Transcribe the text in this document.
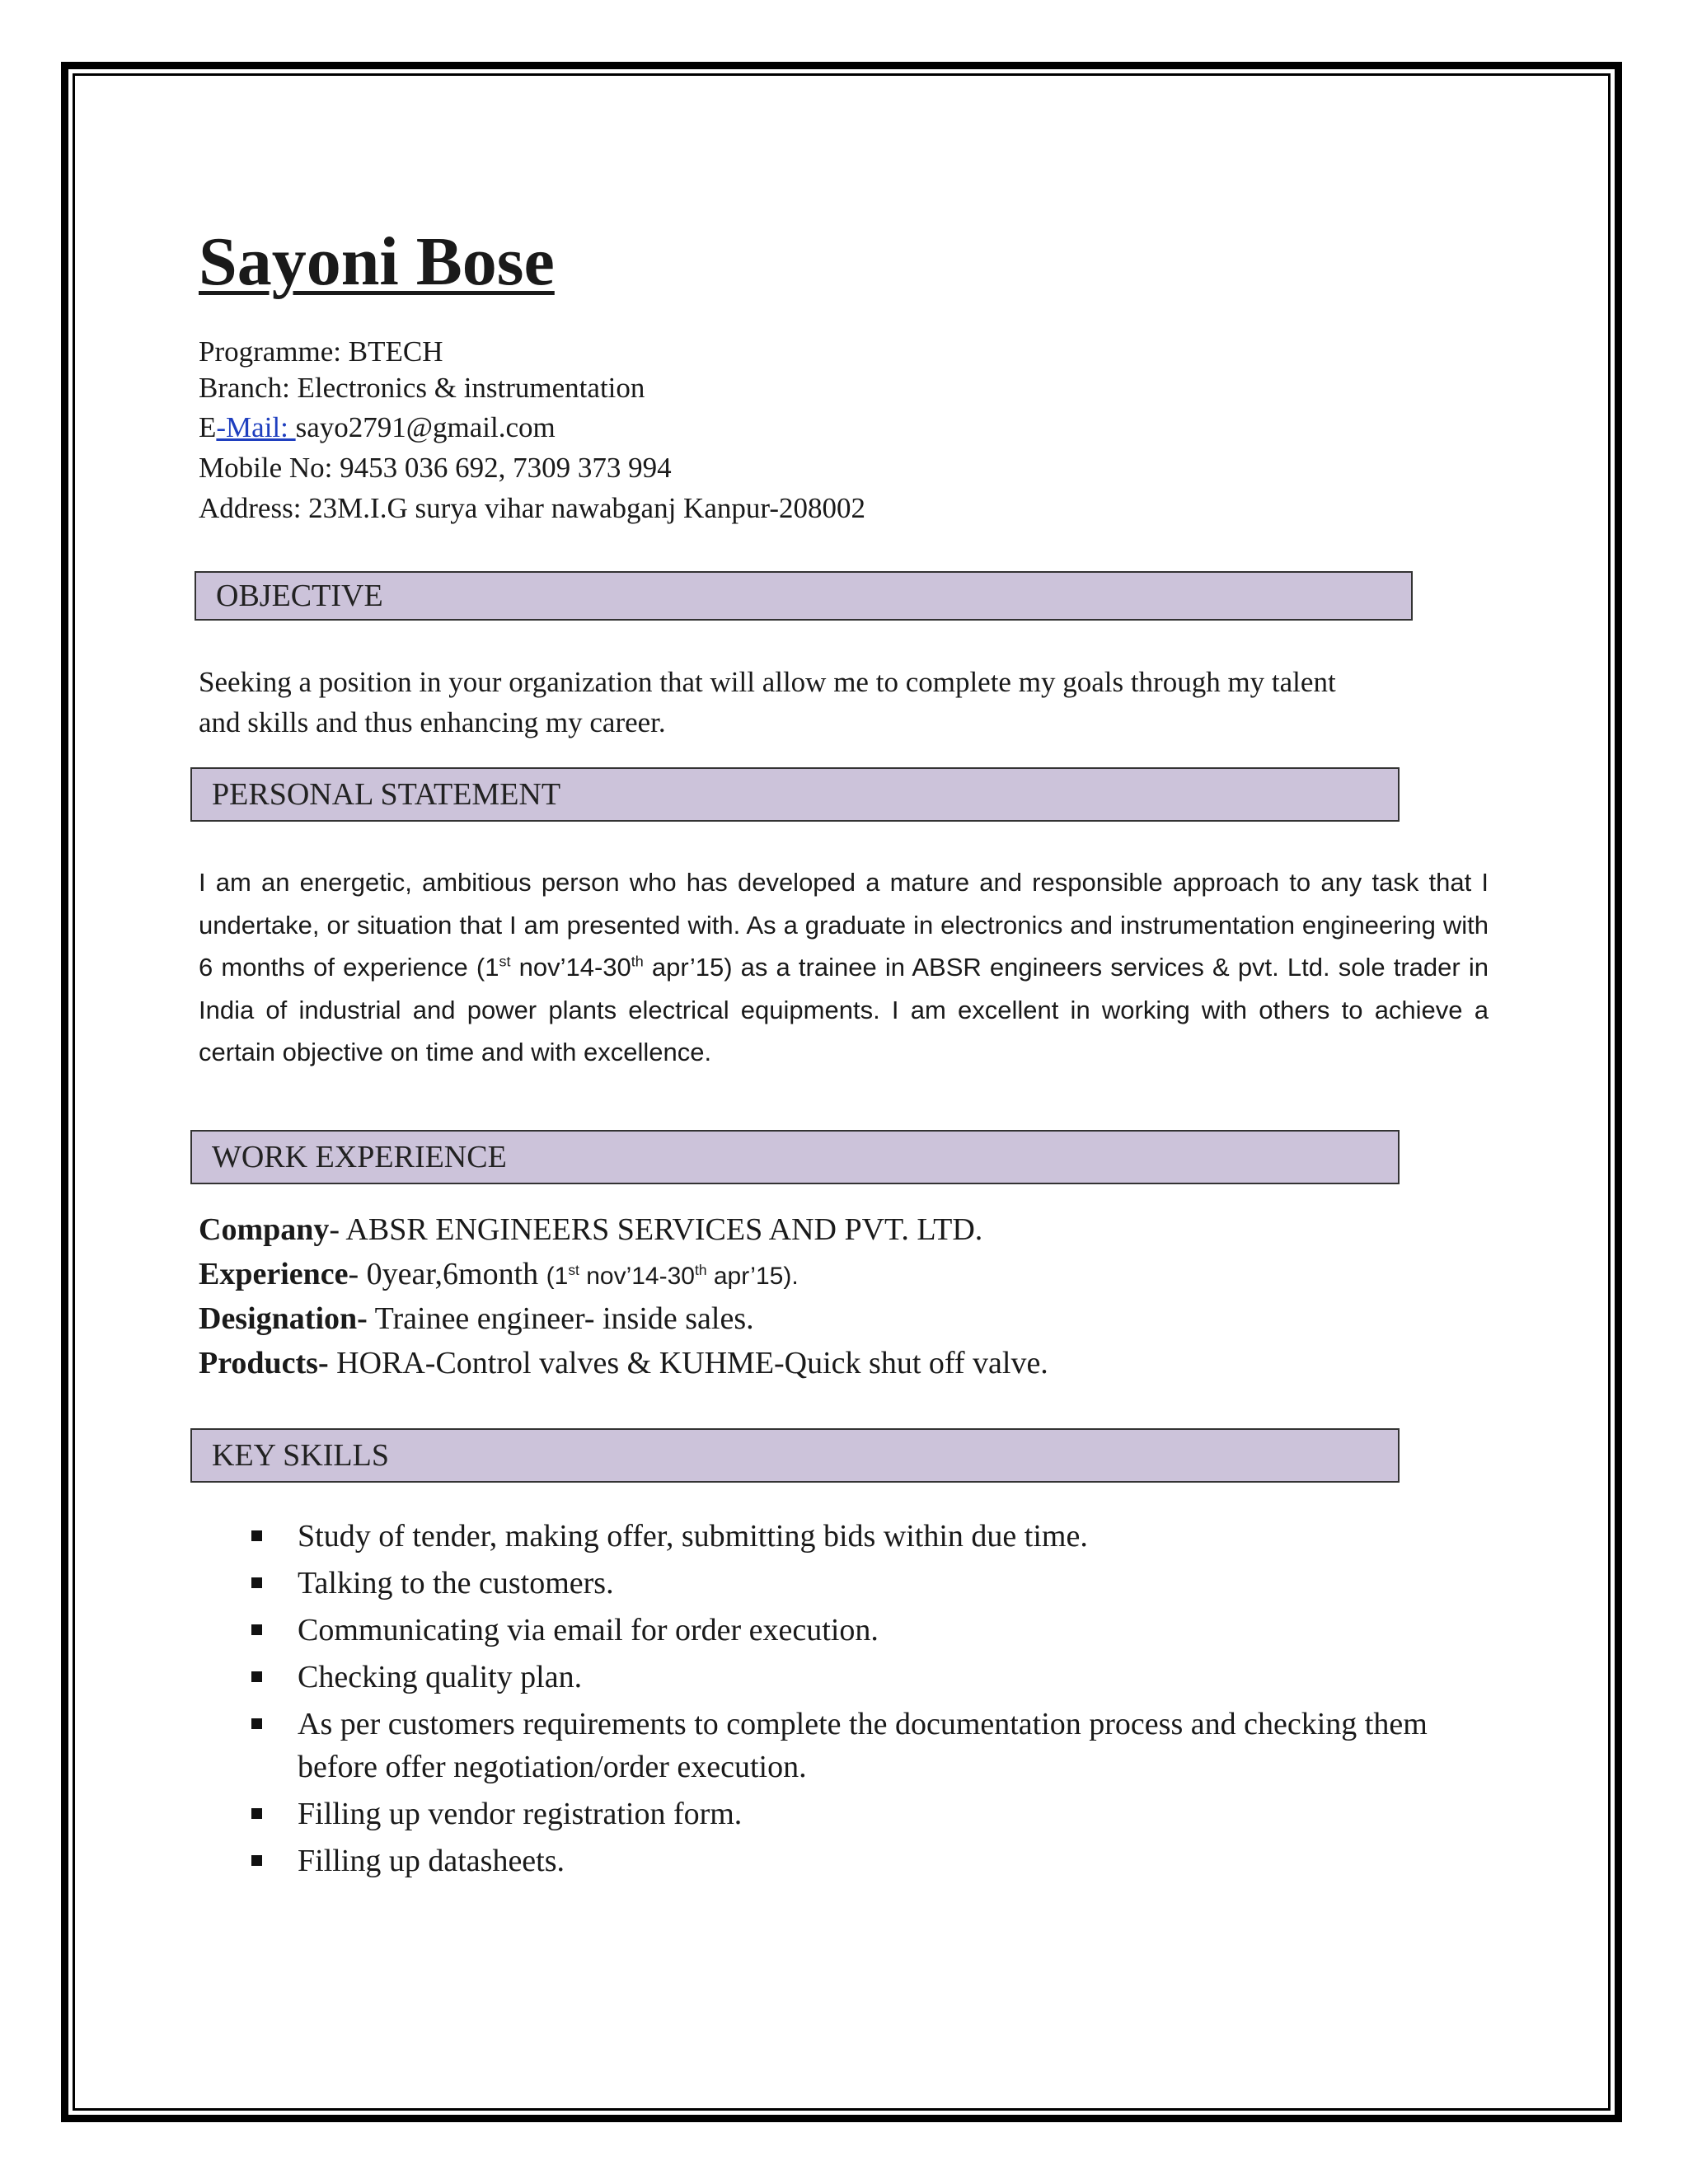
Sayoni Bose
Programme: BTECH
Branch: Electronics & instrumentation
E-Mail: sayo2791@gmail.com
Mobile No: 9453 036 692, 7309 373 994
Address: 23M.I.G surya vihar nawabganj Kanpur-208002
OBJECTIVE
Seeking a position in your organization that will allow me to complete my goals through my talent
and skills and thus enhancing my career.
PERSONAL STATEMENT
I am an energetic, ambitious person who has developed a mature and responsible approach to any task that I undertake, or situation that I am presented with. As a graduate in electronics and instrumentation engineering with 6 months of experience (1st nov’14-30th apr’15) as a trainee in ABSR engineers services & pvt. Ltd. sole trader in India of industrial and power plants electrical equipments. I am excellent in working with others to achieve a certain objective on time and with excellence.
WORK EXPERIENCE
Company- ABSR ENGINEERS SERVICES AND PVT. LTD.
Experience- 0year,6month (1st nov’14-30th apr’15).
Designation- Trainee engineer- inside sales.
Products- HORA-Control valves & KUHME-Quick shut off valve.
KEY SKILLS
Study of tender, making offer, submitting bids within due time.
Talking to the customers.
Communicating via email for order execution.
Checking quality plan.
As per customers requirements to complete the documentation process and checking them before offer negotiation/order execution.
Filling up vendor registration form.
Filling up datasheets.
